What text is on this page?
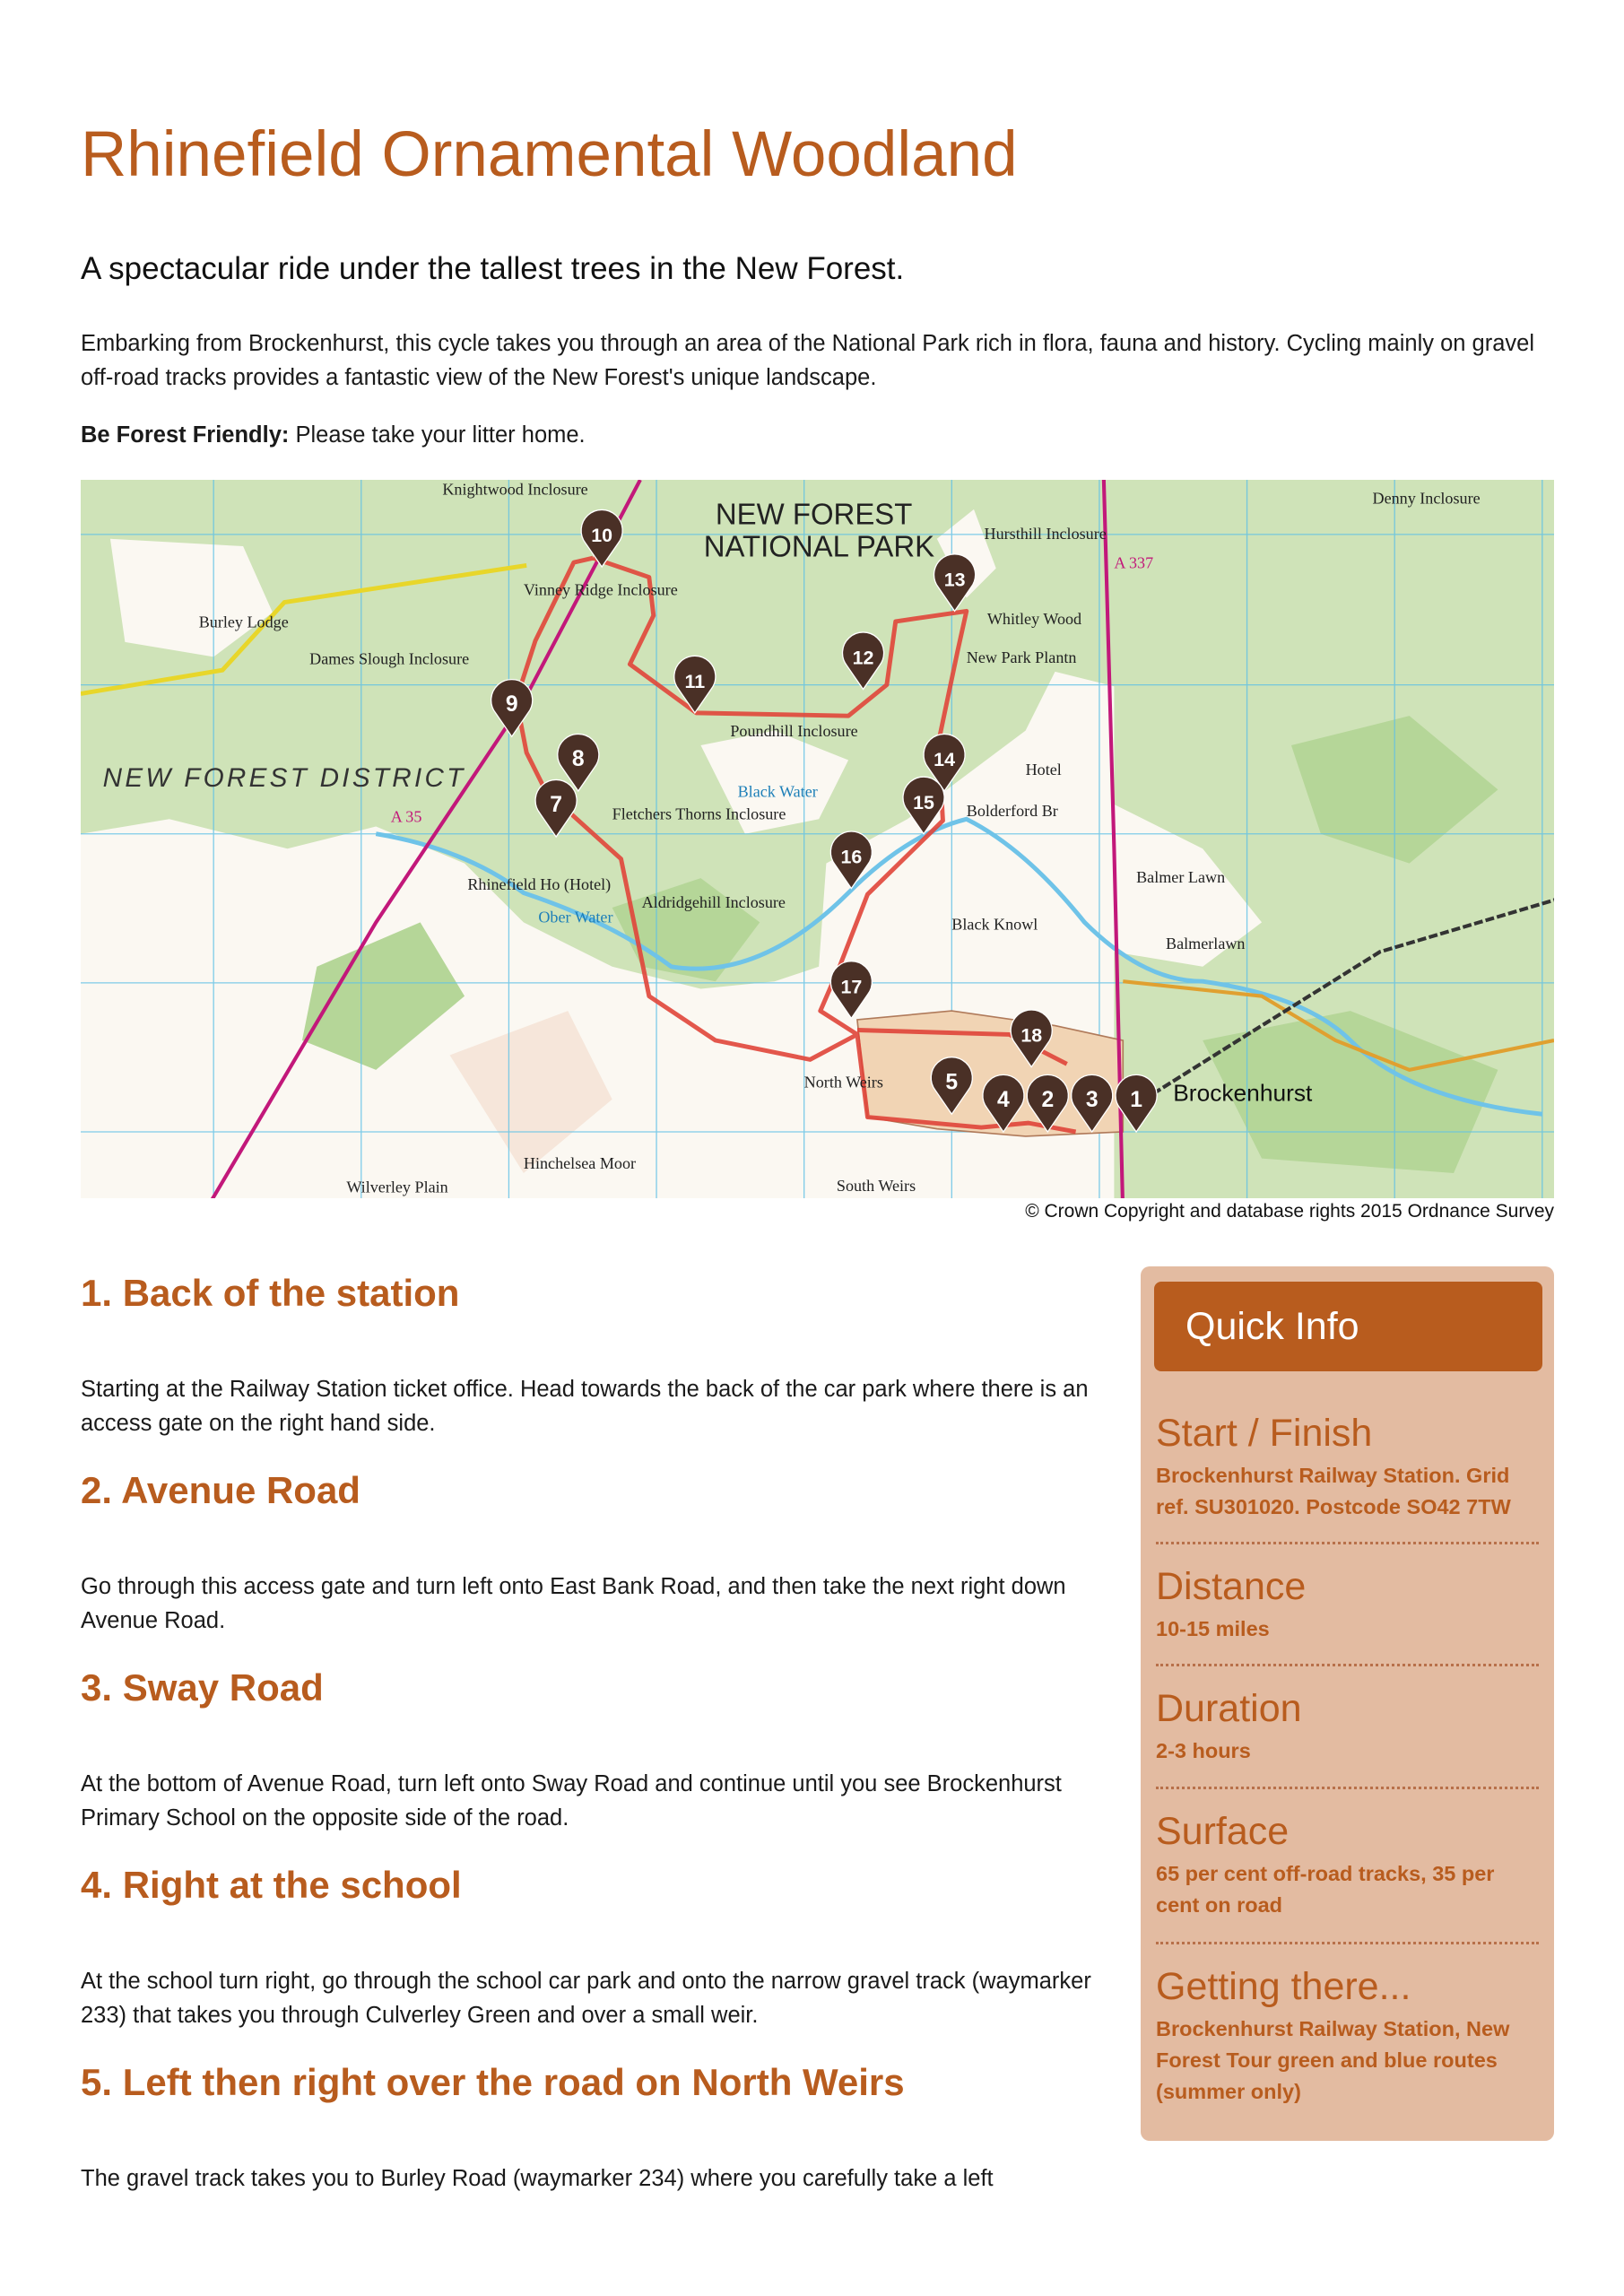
Rhinefield Ornamental Woodland
A spectacular ride under the tallest trees in the New Forest.

Embarking from Brockenhurst, this cycle takes you through an area of the National Park rich in flora, fauna and history. Cycling mainly on gravel off-road tracks provides a fantastic view of the New Forest's unique landscape.

Be Forest Friendly: Please take your litter home.

NEW FOREST
NATIONAL PARK
NEW FOREST DISTRICT
Brockenhurst
Balmerlawn
Black Knowl
Poundhill Inclosure
Rhinefield Ho (Hotel)
Fletchers Thorns Inclosure
Aldridgehill Inclosure
Burley Lodge
Dames Slough Inclosure
Knightwood Inclosure
Vinney Ridge Inclosure
Hursthill Inclosure
Whitley Wood
New Park Plantn
Bolderford Br
Hinchelsea Moor
North Weirs
South Weirs
Wilverley Plain
Denny Inclosure
Balmer Lawn
A 35
A 337
Hotel
Ober Water
Black Water
1
2 3
4
5
7
8
9
10
11
12
13
14
15
16
17
18
© Crown Copyright and database rights 2015 Ordnance Survey
1. Back of the station

Starting at the Railway Station ticket office. Head towards the back of the car park where there is an access gate on the right hand side.

2. Avenue Road

Go through this access gate and turn left onto East Bank Road, and then take the next right down Avenue Road.

3. Sway Road

At the bottom of Avenue Road, turn left onto Sway Road and continue until you see Brockenhurst Primary School on the opposite side of the road.

4. Right at the school

At the school turn right, go through the school car park and onto the narrow gravel track (waymarker 233) that takes you through Culverley Green and over a small weir.

5. Left then right over the road on North Weirs

The gravel track takes you to Burley Road (waymarker 234) where you carefully take a left

Quick Info
Start / Finish

Brockenhurst Railway Station. Grid ref. SU301020. Postcode SO42 7TW

Distance

10-15 miles

Duration

2-3 hours

Surface

65 per cent off-road tracks, 35 per cent on road

Getting there...

Brockenhurst Railway Station, New Forest Tour green and blue routes (summer only)
